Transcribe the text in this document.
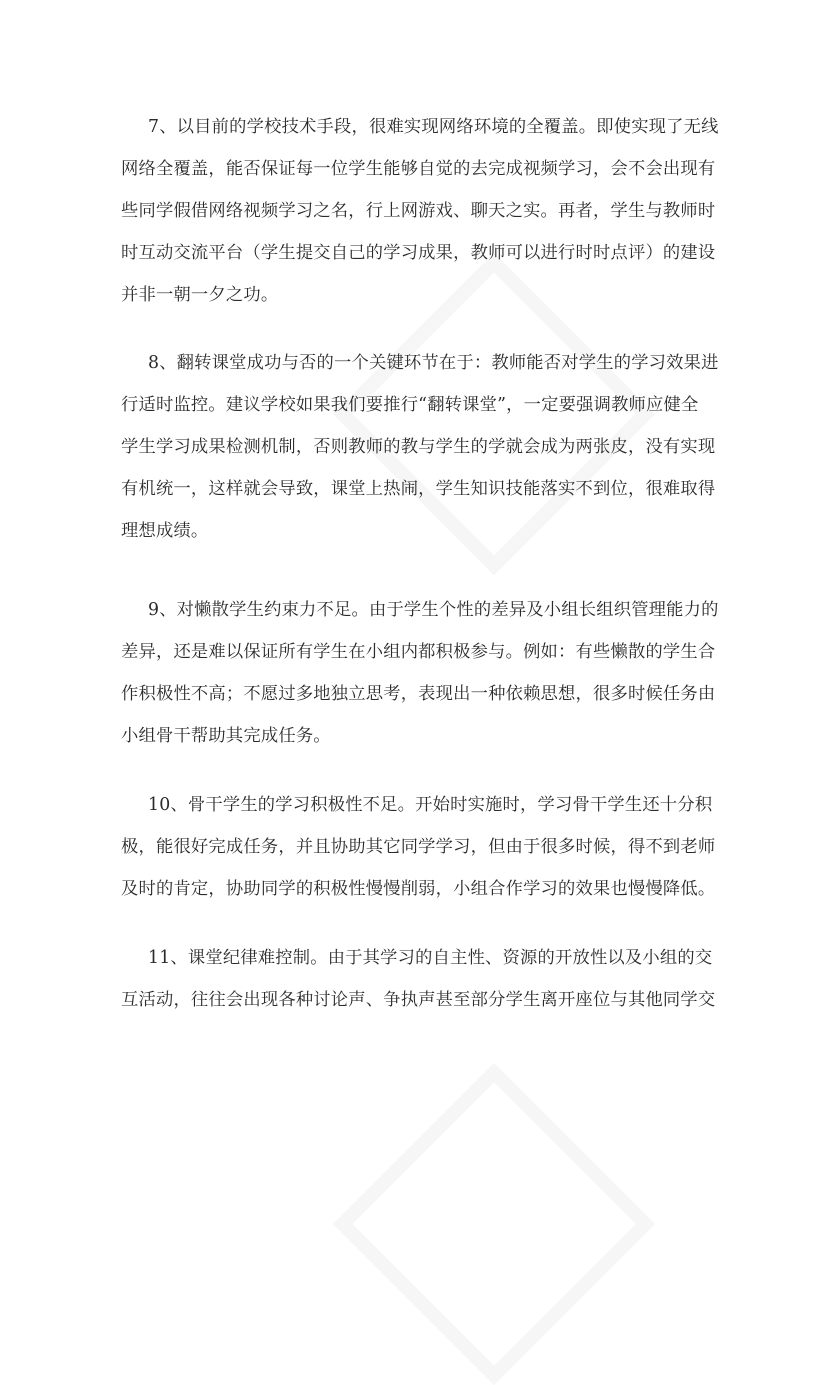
7、以目前的学校技术手段，很难实现网络环境的全覆盖。即使实现了无线
网络全覆盖，能否保证每一位学生能够自觉的去完成视频学习，会不会出现有
些同学假借网络视频学习之名，行上网游戏、聊天之实。再者，学生与教师时
时互动交流平台（学生提交自己的学习成果，教师可以进行时时点评）的建设
并非一朝一夕之功。
8、翻转课堂成功与否的一个关键环节在于：教师能否对学生的学习效果进
行适时监控。建议学校如果我们要推行“翻转课堂”，一定要强调教师应健全
学生学习成果检测机制，否则教师的教与学生的学就会成为两张皮，没有实现
有机统一，这样就会导致，课堂上热闹，学生知识技能落实不到位，很难取得
理想成绩。
9、对懒散学生约束力不足。由于学生个性的差异及小组长组织管理能力的
差异，还是难以保证所有学生在小组内都积极参与。例如：有些懒散的学生合
作积极性不高；不愿过多地独立思考，表现出一种依赖思想，很多时候任务由
小组骨干帮助其完成任务。
10、骨干学生的学习积极性不足。开始时实施时，学习骨干学生还十分积
极，能很好完成任务，并且协助其它同学学习，但由于很多时候，得不到老师
及时的肯定，协助同学的积极性慢慢削弱，小组合作学习的效果也慢慢降低。
11、课堂纪律难控制。由于其学习的自主性、资源的开放性以及小组的交
互活动，往往会出现各种讨论声、争执声甚至部分学生离开座位与其他同学交
